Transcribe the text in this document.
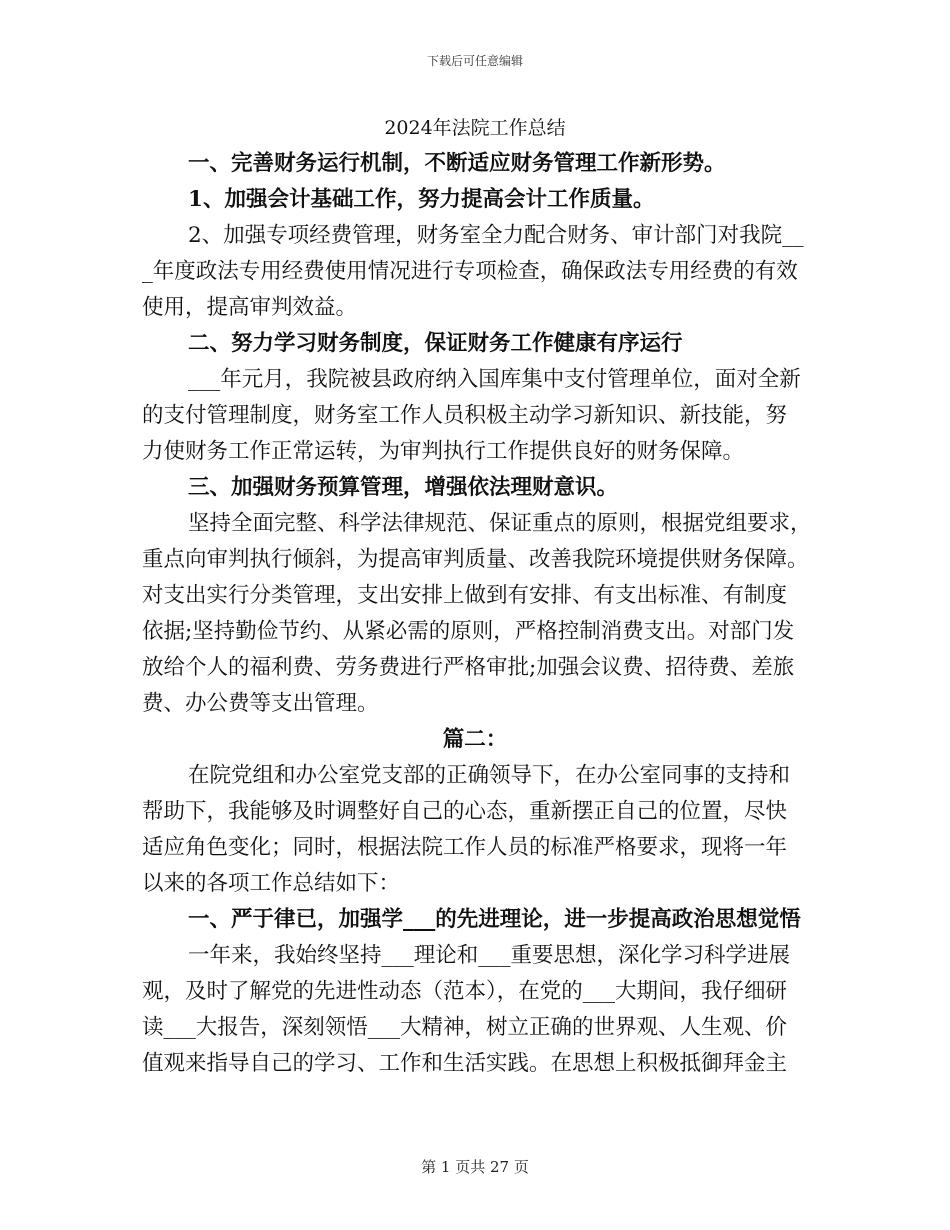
下载后可任意编辑
2024年法院工作总结
一、完善财务运行机制，不断适应财务管理工作新形势。
1、加强会计基础工作，努力提高会计工作质量。
2、加强专项经费管理，财务室全力配合财务、审计部门对我院__
_年度政法专用经费使用情况进行专项检查，确保政法专用经费的有效
使用，提高审判效益。
二、努力学习财务制度，保证财务工作健康有序运行
___年元月，我院被县政府纳入国库集中支付管理单位，面对全新
的支付管理制度，财务室工作人员积极主动学习新知识、新技能，努
力使财务工作正常运转，为审判执行工作提供良好的财务保障。
三、加强财务预算管理，增强依法理财意识。
坚持全面完整、科学法律规范、保证重点的原则，根据党组要求，
重点向审判执行倾斜，为提高审判质量、改善我院环境提供财务保障。
对支出实行分类管理，支出安排上做到有安排、有支出标准、有制度
依据;坚持勤俭节约、从紧必需的原则，严格控制消费支出。对部门发
放给个人的福利费、劳务费进行严格审批;加强会议费、招待费、差旅
费、办公费等支出管理。
篇二：
在院党组和办公室党支部的正确领导下，在办公室同事的支持和
帮助下，我能够及时调整好自己的心态，重新摆正自己的位置，尽快
适应角色变化；同时，根据法院工作人员的标准严格要求，现将一年
以来的各项工作总结如下：
一、严于律已，加强学___的先进理论，进一步提高政治思想觉悟
一年来，我始终坚持___理论和___重要思想，深化学习科学进展
观，及时了解党的先进性动态（范本），在党的___大期间，我仔细研
读___大报告，深刻领悟___大精神，树立正确的世界观、人生观、价
值观来指导自己的学习、工作和生活实践。在思想上积极抵御拜金主
第 1 页共 27 页
